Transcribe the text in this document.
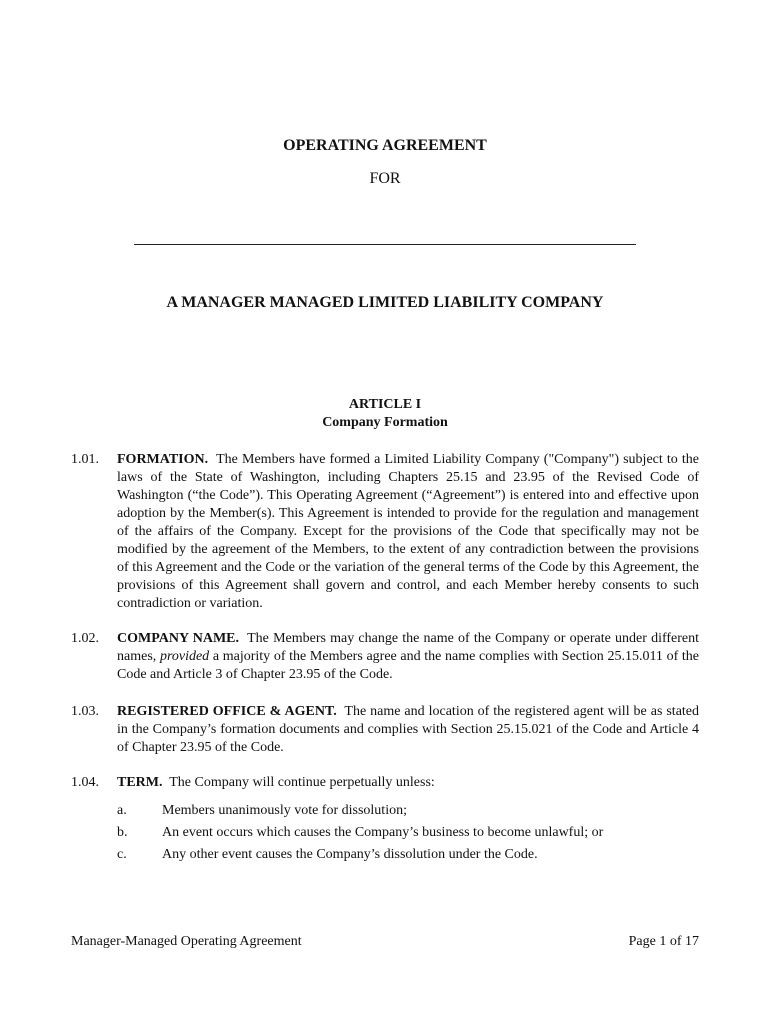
OPERATING AGREEMENT
FOR
A MANAGER MANAGED LIMITED LIABILITY COMPANY
ARTICLE I
Company Formation
1.01. FORMATION. The Members have formed a Limited Liability Company ("Company") subject to the laws of the State of Washington, including Chapters 25.15 and 23.95 of the Revised Code of Washington (“the Code”). This Operating Agreement (“Agreement”) is entered into and effective upon adoption by the Member(s). This Agreement is intended to provide for the regulation and management of the affairs of the Company. Except for the provisions of the Code that specifically may not be modified by the agreement of the Members, to the extent of any contradiction between the provisions of this Agreement and the Code or the variation of the general terms of the Code by this Agreement, the provisions of this Agreement shall govern and control, and each Member hereby consents to such contradiction or variation.
1.02. COMPANY NAME. The Members may change the name of the Company or operate under different names, provided a majority of the Members agree and the name complies with Section 25.15.011 of the Code and Article 3 of Chapter 23.95 of the Code.
1.03. REGISTERED OFFICE & AGENT. The name and location of the registered agent will be as stated in the Company’s formation documents and complies with Section 25.15.021 of the Code and Article 4 of Chapter 23.95 of the Code.
1.04. TERM. The Company will continue perpetually unless:
a.	Members unanimously vote for dissolution;
b. An event occurs which causes the Company’s business to become unlawful; or
c.	Any other event causes the Company’s dissolution under the Code.
Manager-Managed Operating Agreement	Page 1 of 17
